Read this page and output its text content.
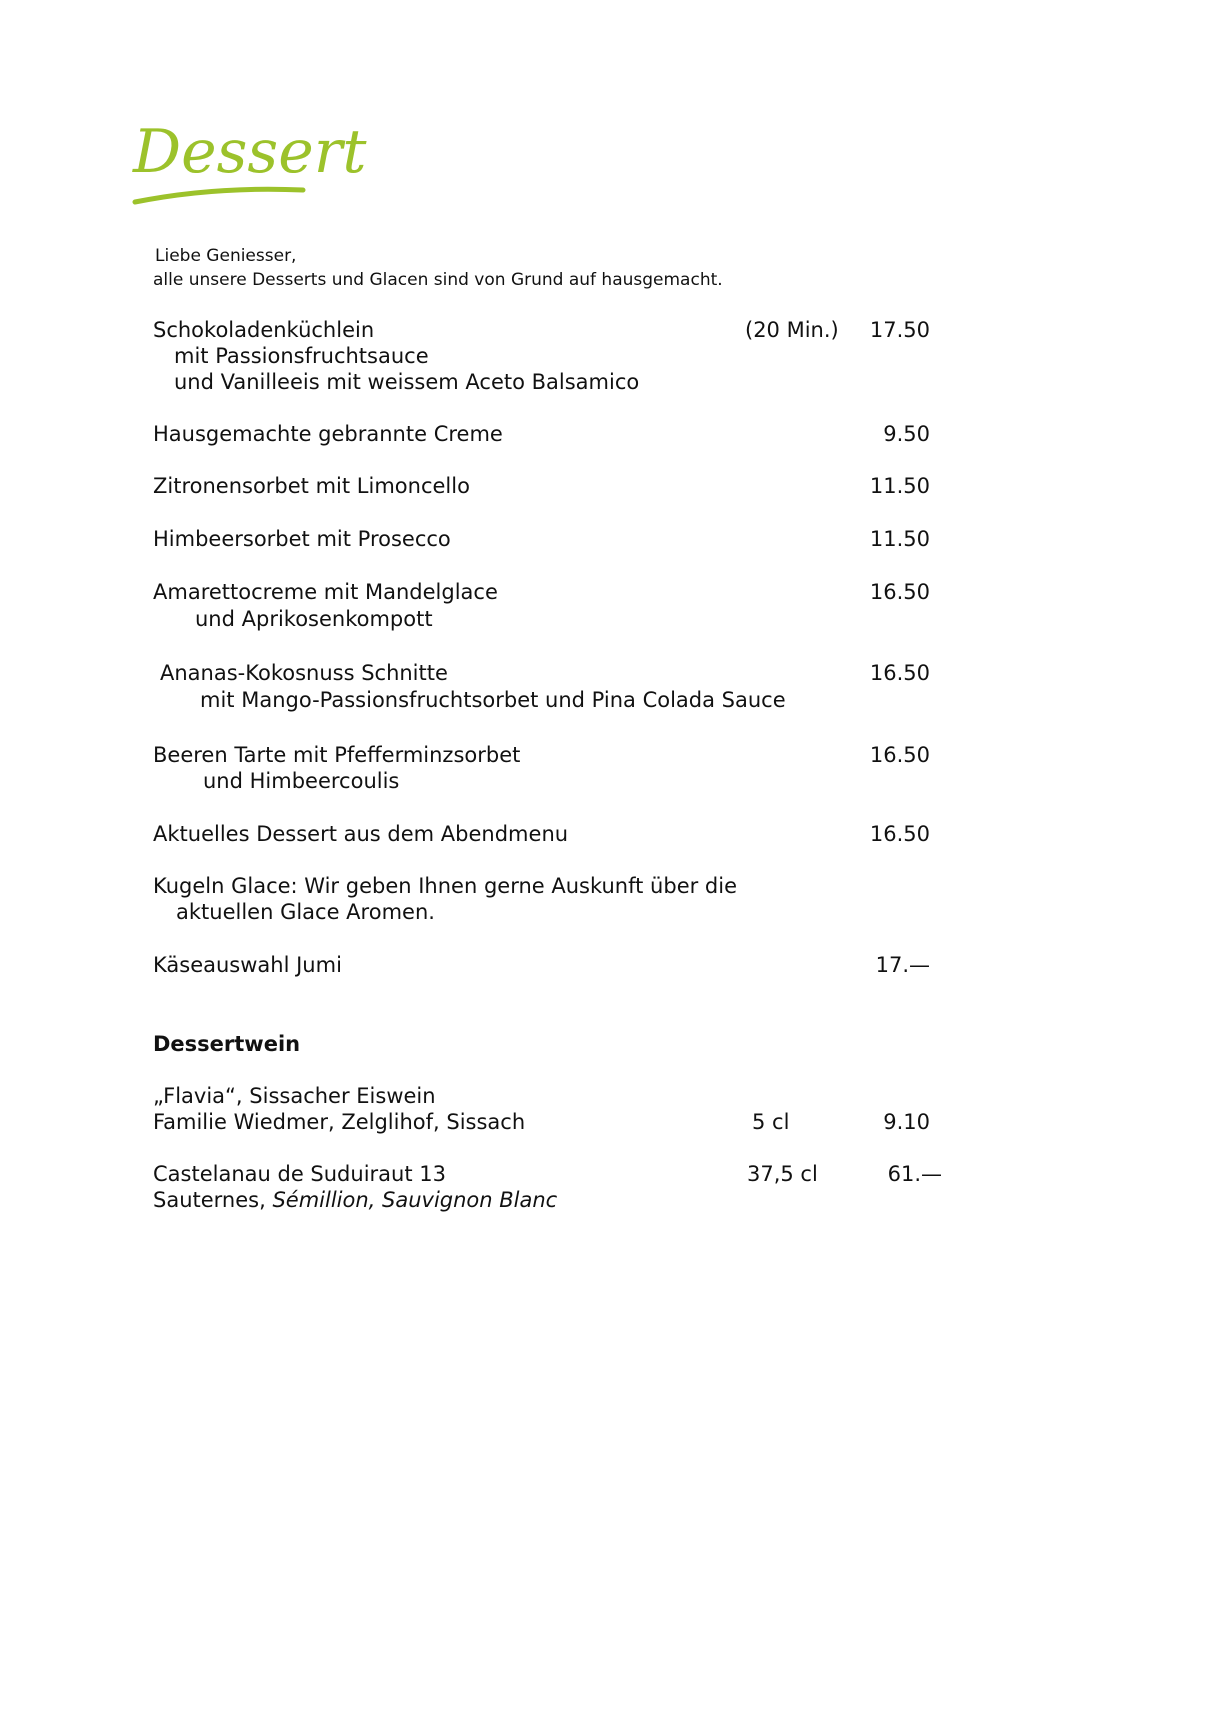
Dessert
Liebe Geniesser,
alle unsere Desserts und Glacen sind von Grund auf hausgemacht.
Schokoladenküchlein	(20 Min.) 17.50
mit Passionsfruchtsauce
und Vanilleeis mit weissem Aceto Balsamico
Hausgemachte gebrannte Creme	9.50
Zitronensorbet mit Limoncello	11.50
Himbeersorbet mit Prosecco	11.50
Amarettocreme mit Mandelglace	16.50
und Aprikosenkompott
Ananas-Kokosnuss Schnitte	16.50
mit Mango-Passionsfruchtsorbet und Pina Colada Sauce
Beeren Tarte mit Pfefferminzsorbet	16.50
und Himbeercoulis
Aktuelles Dessert aus dem Abendmenu	16.50
Kugeln Glace: Wir geben Ihnen gerne Auskunft über die
aktuellen Glace Aromen.
Käseauswahl Jumi	17.—
Dessertwein
„Flavia“, Sissacher Eiswein
Familie Wiedmer, Zelglihof, Sissach	5 cl	9.10
Castelanau de Suduiraut 13	37,5 cl	61.—
Sauternes, Sémillion, Sauvignon Blanc
